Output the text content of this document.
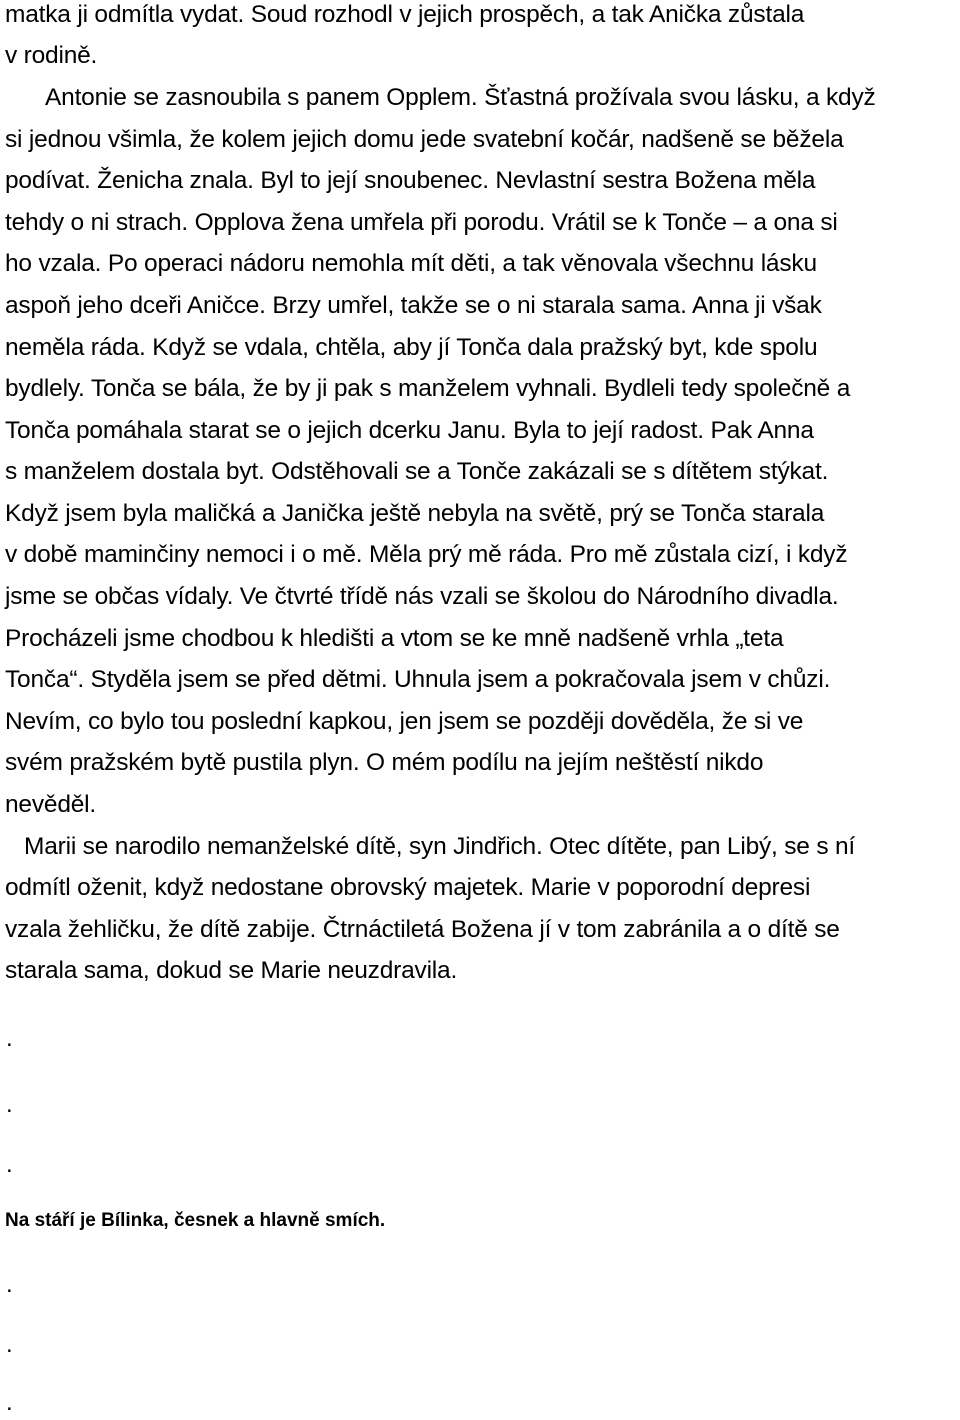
matka ji odmítla vydat. Soud rozhodl v jejich prospěch, a tak Anička zůstala
v rodině.
Antonie se zasnoubila s panem Opplem. Šťastná prožívala svou lásku, a když
si jednou všimla, že kolem jejich domu jede svatební kočár, nadšeně se běžela
podívat. Ženicha znala. Byl to její snoubenec. Nevlastní sestra Božena měla
tehdy o ni strach. Opplova žena umřela při porodu. Vrátil se k Tonče – a ona si
ho vzala. Po operaci nádoru nemohla mít děti, a tak věnovala všechnu lásku
aspoň jeho dceři Aničce. Brzy umřel, takže se o ni starala sama. Anna ji však
neměla ráda. Když se vdala, chtěla, aby jí Tonča dala pražský byt, kde spolu
bydlely. Tonča se bála, že by ji pak s manželem vyhnali. Bydleli tedy společně a
Tonča pomáhala starat se o jejich dcerku Janu. Byla to její radost. Pak Anna
s manželem dostala byt. Odstěhovali se a Tonče zakázali se s dítětem stýkat.
Když jsem byla maličká a Janička ještě nebyla na světě, prý se Tonča starala
v době maminčiny nemoci i o mě. Měla prý mě ráda. Pro mě zůstala cizí, i když
jsme se občas vídaly. Ve čtvrté třídě nás vzali se školou do Národního divadla.
Procházeli jsme chodbou k hledišti a vtom se ke mně nadšeně vrhla „teta
Tonča“. Styděla jsem se před dětmi. Uhnula jsem a pokračovala jsem v chůzi.
Nevím, co bylo tou poslední kapkou, jen jsem se později dověděla, že si ve
svém pražském bytě pustila plyn. O mém podílu na jejím neštěstí nikdo
nevěděl.
Marii se narodilo nemanželské dítě, syn Jindřich. Otec dítěte, pan Libý, se s ní
odmítl oženit, když nedostane obrovský majetek. Marie v poporodní depresi
vzala žehličku, že dítě zabije. Čtrnáctiletá Božena jí v tom zabránila a o dítě se
starala sama, dokud se Marie neuzdravila.
.
.
.
Na stáří je Bílinka, česnek a hlavně smích.
.
.
.
